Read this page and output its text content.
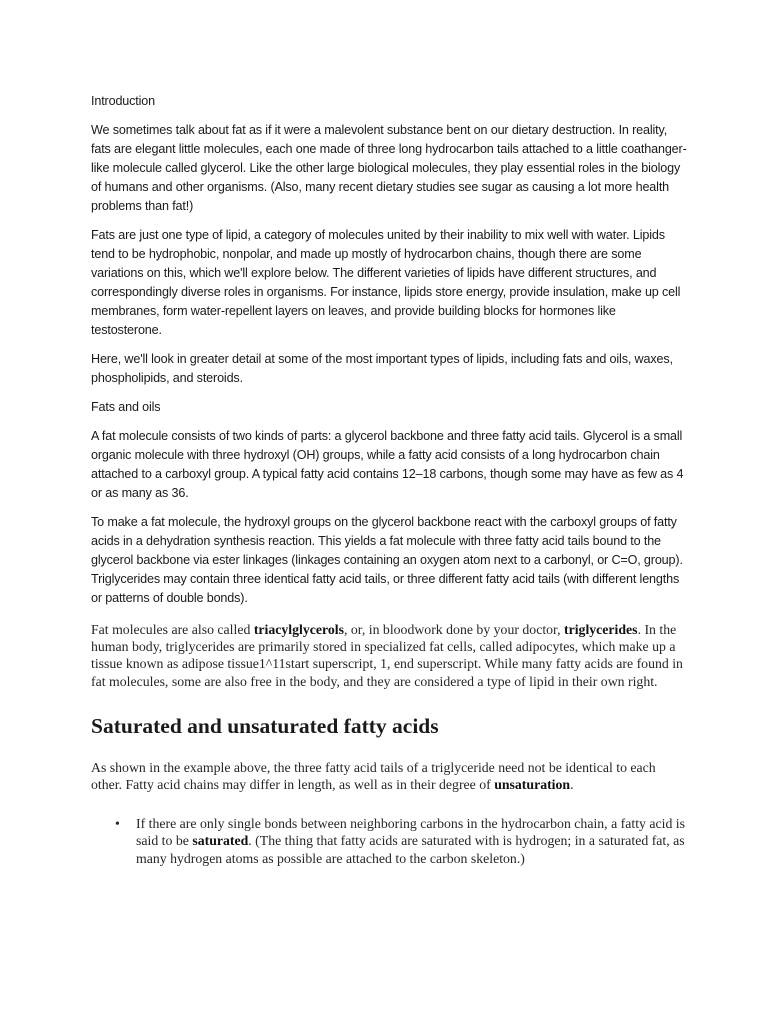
Introduction

We sometimes talk about fat as if it were a malevolent substance bent on our dietary destruction. In reality, fats are elegant little molecules, each one made of three long hydrocarbon tails attached to a little coathanger-like molecule called glycerol. Like the other large biological molecules, they play essential roles in the biology of humans and other organisms. (Also, many recent dietary studies see sugar as causing a lot more health problems than fat!)

Fats are just one type of lipid, a category of molecules united by their inability to mix well with water. Lipids tend to be hydrophobic, nonpolar, and made up mostly of hydrocarbon chains, though there are some variations on this, which we'll explore below. The different varieties of lipids have different structures, and correspondingly diverse roles in organisms. For instance, lipids store energy, provide insulation, make up cell membranes, form water-repellent layers on leaves, and provide building blocks for hormones like testosterone.

Here, we'll look in greater detail at some of the most important types of lipids, including fats and oils, waxes, phospholipids, and steroids.

Fats and oils

A fat molecule consists of two kinds of parts: a glycerol backbone and three fatty acid tails. Glycerol is a small organic molecule with three hydroxyl (OH) groups, while a fatty acid consists of a long hydrocarbon chain attached to a carboxyl group. A typical fatty acid contains 12–18 carbons, though some may have as few as 4 or as many as 36.

To make a fat molecule, the hydroxyl groups on the glycerol backbone react with the carboxyl groups of fatty acids in a dehydration synthesis reaction. This yields a fat molecule with three fatty acid tails bound to the glycerol backbone via ester linkages (linkages containing an oxygen atom next to a carbonyl, or C=O, group). Triglycerides may contain three identical fatty acid tails, or three different fatty acid tails (with different lengths or patterns of double bonds).

Fat molecules are also called triacylglycerols, or, in bloodwork done by your doctor, triglycerides. In the human body, triglycerides are primarily stored in specialized fat cells, called adipocytes, which make up a tissue known as adipose tissue1^11start superscript, 1, end superscript. While many fatty acids are found in fat molecules, some are also free in the body, and they are considered a type of lipid in their own right.

Saturated and unsaturated fatty acids

As shown in the example above, the three fatty acid tails of a triglyceride need not be identical to each other. Fatty acid chains may differ in length, as well as in their degree of unsaturation.

• If there are only single bonds between neighboring carbons in the hydrocarbon chain, a fatty acid is said to be saturated. (The thing that fatty acids are saturated with is hydrogen; in a saturated fat, as many hydrogen atoms as possible are attached to the carbon skeleton.)
